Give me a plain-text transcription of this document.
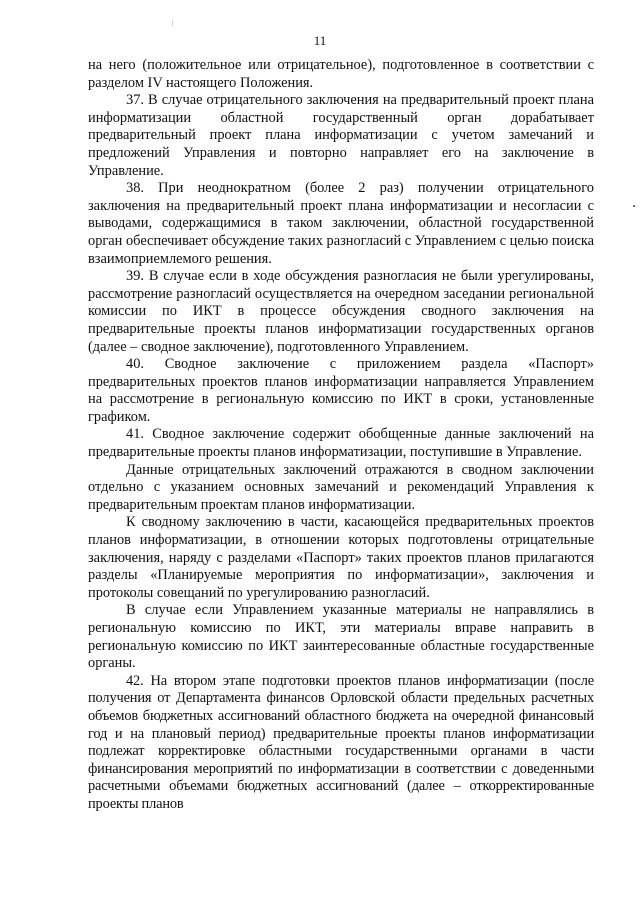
11

на него (положительное или отрицательное), подготовленное в соответствии с разделом IV настоящего Положения.

37. В случае отрицательного заключения на предварительный проект плана информатизации областной государственный орган дорабатывает предварительный проект плана информатизации с учетом замечаний и предложений Управления и повторно направляет его на заключение в Управление.

38. При неоднократном (более 2 раз) получении отрицательного заключения на предварительный проект плана информатизации и несогласии с выводами, содержащимися в таком заключении, областной государственной орган обеспечивает обсуждение таких разногласий с Управлением с целью поиска взаимоприемлемого решения.

39. В случае если в ходе обсуждения разногласия не были урегулированы, рассмотрение разногласий осуществляется на очередном заседании региональной комиссии по ИКТ в процессе обсуждения сводного заключения на предварительные проекты планов информатизации государственных органов (далее – сводное заключение), подготовленного Управлением.

40. Сводное заключение с приложением раздела «Паспорт» предварительных проектов планов информатизации направляется Управлением на рассмотрение в региональную комиссию по ИКТ в сроки, установленные графиком.

41. Сводное заключение содержит обобщенные данные заключений на предварительные проекты планов информатизации, поступившие в Управление.

Данные отрицательных заключений отражаются в сводном заключении отдельно с указанием основных замечаний и рекомендаций Управления к предварительным проектам планов информатизации.

К сводному заключению в части, касающейся предварительных проектов планов информатизации, в отношении которых подготовлены отрицательные заключения, наряду с разделами «Паспорт» таких проектов планов прилагаются разделы «Планируемые мероприятия по информатизации», заключения и протоколы совещаний по урегулированию разногласий.

В случае если Управлением указанные материалы не направлялись в региональную комиссию по ИКТ, эти материалы вправе направить в региональную комиссию по ИКТ заинтересованные областные государственные органы.

42. На втором этапе подготовки проектов планов информатизации (после получения от Департамента финансов Орловской области предельных расчетных объемов бюджетных ассигнований областного бюджета на очередной финансовый год и на плановый период) предварительные проекты планов информатизации подлежат корректировке областными государственными органами в части финансирования мероприятий по информатизации в соответствии с доведенными расчетными объемами бюджетных ассигнований (далее – откорректированные проекты планов
